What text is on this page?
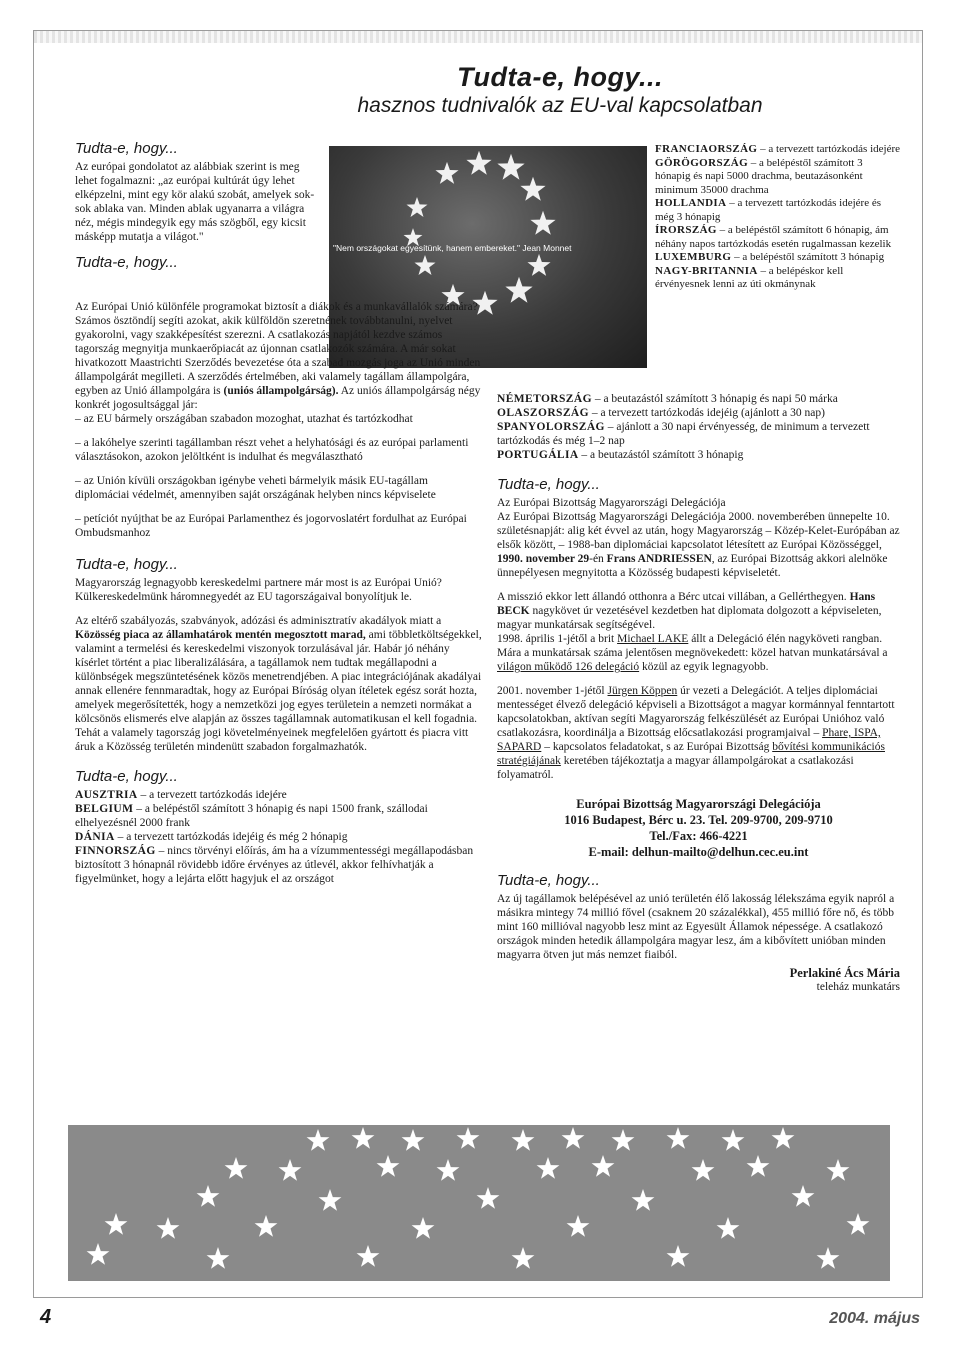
Tudta-e, hogy...
hasznos tudnivalók az EU-val kapcsolatban
"Nem országokat egyesítünk, hanem embereket." Jean Monnet
Tudta-e, hogy...

Az európai gondolatot az alábbiak szerint is meg lehet fogalmazni: „az európai kultúrát úgy lehet elképzelni, mint egy kör alakú szobát, amelyek sok-sok ablaka van. Minden ablak ugyanarra a világra néz, mégis mindegyik egy más szögből, egy kicsit másképp mutatja a világot."

Tudta-e, hogy...

Az Európai Unió különféle programokat biztosít a diákok és a munkavállalók számára? Számos ösztöndíj segíti azokat, akik külföldön szeretnének továbbtanulni, nyelvet gyakorolni, vagy szakképesítést szerezni. A csatlakozás napjától kezdve számos tagország megnyitja munkaerőpiacát az újonnan csatlakozók számára. A már sokat hivatkozott Maastrichti Szerződés bevezetése óta a szabad mozgás joga az Unió minden állampolgárát megilleti. A szerződés értelmében, aki valamely tagállam állampolgára, egyben az Unió állampolgára is (uniós állampolgárság). Az uniós állampolgárság négy konkrét jogosultsággal jár:

– az EU bármely országában szabadon mozoghat, utazhat és tartózkodhat

– a lakóhelye szerinti tagállamban részt vehet a helyhatósági és az európai parlamenti választásokon, azokon jelöltként is indulhat és megválasztható

– az Unión kívüli országokban igénybe veheti bármelyik másik EU-tagállam diplomáciai védelmét, amennyiben saját országának helyben nincs képviselete

– petíciót nyújthat be az Európai Parlamenthez és jogorvoslatért fordulhat az Európai Ombudsmanhoz

Tudta-e, hogy...

Magyarország legnagyobb kereskedelmi partnere már most is az Európai Unió? Külkereskedelmünk háromnegyedét az EU tagországaival bonyolítjuk le.

Az eltérő szabályozás, szabványok, adózási és adminisztratív akadályok miatt a Közösség piaca az államhatárok mentén megosztott marad, ami többletköltségekkel, valamint a termelési és kereskedelmi viszonyok torzulásával jár. Habár jó néhány kísérlet történt a piac liberalizálására, a tagállamok nem tudtak megállapodni a különbségek megszüntetésének közös menetrendjében. A piac integrációjának akadályai annak ellenére fennmaradtak, hogy az Európai Bíróság olyan ítéletek egész sorát hozta, amelyek megerősítették, hogy a nemzetközi jog egyes területein a nemzeti normákat a kölcsönös elismerés elve alapján az összes tagállamnak automatikusan el kell fogadnia. Tehát a valamely tagország jogi követelményeinek megfelelően gyártott és piacra vitt áruk a Közösség területén mindenütt szabadon forgalmazhatók.

Tudta-e, hogy...

AUSZTRIA – a tervezett tartózkodás idejére

BELGIUM – a belépéstől számított 3 hónapig és napi 1500 frank, szállodai elhelyezésnél 2000 frank

DÁNIA – a tervezett tartózkodás idejéig és még 2 hónapig

FINNORSZÁG – nincs törvényi előírás, ám ha a vízummentességi megállapodásban biztosított 3 hónapnál rövidebb időre érvényes az útlevél, akkor felhívhatják a figyelmünket, hogy a lejárta előtt hagyjuk el az országot

FRANCIAORSZÁG – a tervezett tartózkodás idejére

GÖRÖGORSZÁG – a belépéstől számított 3 hónapig és napi 5000 drachma, beutazásonként minimum 35000 drachma

HOLLANDIA – a tervezett tartózkodás idejére és még 3 hónapig

ÍRORSZÁG – a belépéstől számított 6 hónapig, ám néhány napos tartózkodás esetén rugalmassan kezelik

LUXEMBURG – a belépéstől számított 3 hónapig

NAGY-BRITANNIA – a belépéskor kell érvényesnek lenni az úti okmánynak

NÉMETORSZÁG – a beutazástól számított 3 hónapig és napi 50 márka

OLASZORSZÁG – a tervezett tartózkodás idejéig (ajánlott a 30 nap)

SPANYOLORSZÁG – ajánlott a 30 napi érvényesség, de minimum a tervezett tartózkodás és még 1–2 nap

PORTUGÁLIA – a beutazástól számított 3 hónapig

Tudta-e, hogy...

Az Európai Bizottság Magyarországi Delegációja

Az Európai Bizottság Magyarországi Delegációja 2000. novemberében ünnepelte 10. születésnapját: alig két évvel az után, hogy Magyarország – Közép-Kelet-Európában az elsők között, – 1988-ban diplomáciai kapcsolatot létesített az Európai Közösséggel, 1990. november 29-én Frans ANDRIESSEN, az Európai Bizottság akkori alelnöke ünnepélyesen megnyitotta a Közösség budapesti képviseletét.

A misszió ekkor lett állandó otthonra a Bérc utcai villában, a Gellérthegyen. Hans BECK nagykövet úr vezetésével kezdetben hat diplomata dolgozott a képviseleten, magyar munkatársak segítségével.

1998. április 1-jétől a brit Michael LAKE állt a Delegáció élén nagyköveti rangban. Mára a munkatársak száma jelentősen megnövekedett: közel hatvan munkatársával a világon működő 126 delegáció közül az egyik legnagyobb.

2001. november 1-jétől Jürgen Köppen úr vezeti a Delegációt. A teljes diplomáciai mentességet élvező delegáció képviseli a Bizottságot a magyar kormánnyal fenntartott kapcsolatokban, aktívan segíti Magyarország felkészülését az Európai Unióhoz való csatlakozásra, koordinálja a Bizottság előcsatlakozási programjaival – Phare, ISPA, SAPARD – kapcsolatos feladatokat, s az Európai Bizottság bővítési kommunikációs stratégiájának keretében tájékoztatja a magyar állampolgárokat a csatlakozási folyamatról.

Európai Bizottság Magyarországi Delegációja
1016 Budapest, Bérc u. 23. Tel. 209-9700, 209-9710
Tel./Fax: 466-4221
E-mail: delhun-mailto@delhun.cec.eu.int
Tudta-e, hogy...

Az új tagállamok belépésével az unió területén élő lakosság lélekszáma egyik napról a másikra mintegy 74 millió fővel (csaknem 20 százalékkal), 455 millió főre nő, és több mint 160 millióval nagyobb lesz mint az Egyesült Államok népessége. A csatlakozó országok minden hetedik állampolgára magyar lesz, ám a kibővített unióban minden magyarra ötven jut más nemzet fiaiból.

Perlakiné Ács Mária

teleház munkatárs

4	2004. május
